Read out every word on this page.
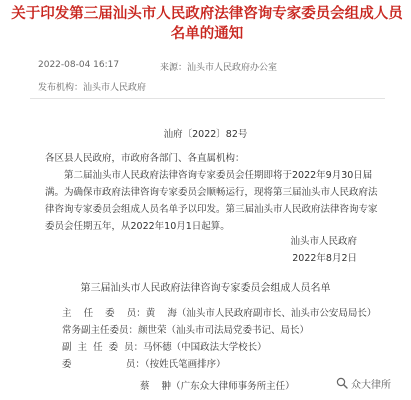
关于印发第三届汕头市人民政府法律咨询专家委员会组成人员名单的通知
2022-08-04 16:17	来源：汕头市人民政府办公室
发布机构：汕头市人民政府
汕府〔2022〕82号
各区县人民政府，市政府各部门、各直属机构：

第二届汕头市人民政府法律咨询专家委员会任期即将于2022年9月30日届满。为确保市政府法律咨询专家委员会顺畅运行，现将第三届汕头市人民政府法律咨询专家委员会组成人员名单予以印发。第三届汕头市人民政府法律咨询专家委员会任期五年，从2022年10月1日起算。

汕头市人民政府
2022年8月2日
第三届汕头市人民政府法律咨询专家委员会组成人员名单
主    任    委    员：黄    海（汕头市人民政府副市长、汕头市公安局局长）
常务副主任委员：颜世荣（汕头市司法局党委书记、局长）
副  主  任  委  员：马怀德（中国政法大学校长）
委                  员：（按姓氏笔画排序）
蔡    翀（广东众大律师事务所主任）	众大律所
